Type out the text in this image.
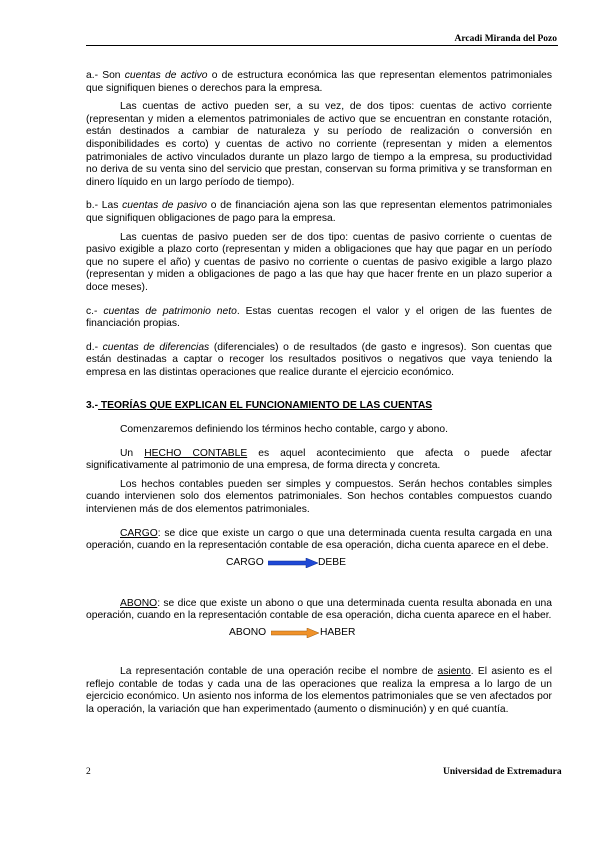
Arcadi Miranda del Pozo

a.- Son cuentas de activo o de estructura económica las que representan elementos patrimoniales que signifiquen bienes o derechos para la empresa.

Las cuentas de activo pueden ser, a su vez, de dos tipos: cuentas de activo corriente (representan y miden a elementos patrimoniales de activo que se encuentran en constante rotación, están destinados a cambiar de naturaleza y su período de realización o conversión en disponibilidades es corto) y cuentas de activo no corriente (representan y miden a elementos patrimoniales de activo vinculados durante un plazo largo de tiempo a la empresa, su productividad no deriva de su venta sino del servicio que prestan, conservan su forma primitiva y se transforman en dinero líquido en un largo período de tiempo).

b.- Las cuentas de pasivo o de financiación ajena son las que representan elementos patrimoniales que signifiquen obligaciones de pago para la empresa.

Las cuentas de pasivo pueden ser de dos tipo: cuentas de pasivo corriente o cuentas de pasivo exigible a plazo corto (representan y miden a obligaciones que hay que pagar en un período que no supere el año) y cuentas de pasivo no corriente o cuentas de pasivo exigible a largo plazo (representan y miden a obligaciones de pago a las que hay que hacer frente en un plazo superior a doce meses).

c.- cuentas de patrimonio neto. Estas cuentas recogen el valor y el origen de las fuentes de financiación propias.

d.- cuentas de diferencias (diferenciales) o de resultados (de gasto e ingresos). Son cuentas que están destinadas a captar o recoger los resultados positivos o negativos que vaya teniendo la empresa en las distintas operaciones que realice durante el ejercicio económico.

3.- TEORÍAS QUE EXPLICAN EL FUNCIONAMIENTO DE LAS CUENTAS

Comenzaremos definiendo los términos hecho contable, cargo y abono.

Un HECHO CONTABLE es aquel acontecimiento que afecta o puede afectar significativamente al patrimonio de una empresa, de forma directa y concreta.

Los hechos contables pueden ser simples y compuestos. Serán hechos contables simples cuando intervienen solo dos elementos patrimoniales. Son hechos contables compuestos cuando intervienen más de dos elementos patrimoniales.

CARGO: se dice que existe un cargo o que una determinada cuenta resulta cargada en una operación, cuando en la representación contable de esa operación, dicha cuenta aparece en el debe.

CARGO	DEBE

ABONO: se dice que existe un abono o que una determinada cuenta resulta abonada en una operación, cuando en la representación contable de esa operación, dicha cuenta aparece en el haber.

ABONO	HABER

La representación contable de una operación recibe el nombre de asiento. El asiento es el reflejo contable de todas y cada una de las operaciones que realiza la empresa a lo largo de un ejercicio económico. Un asiento nos informa de los elementos patrimoniales que se ven afectados por la operación, la variación que han experimentado (aumento o disminución) y en qué cuantía.

2	Universidad de Extremadura
